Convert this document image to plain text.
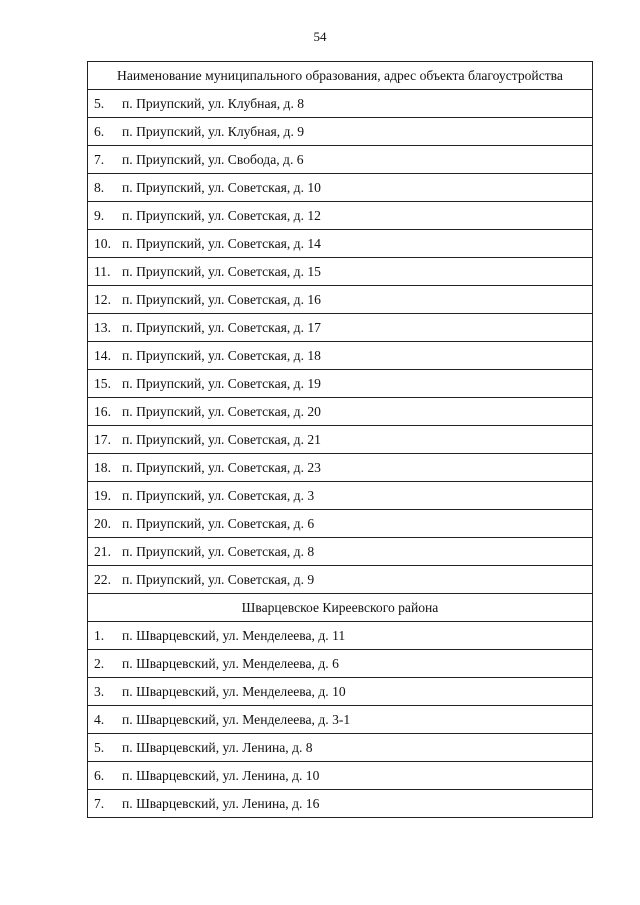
54
Наименование муниципального образования, адрес объекта благоустройства
5. п. Приупский, ул. Клубная, д. 8
6. п. Приупский, ул. Клубная, д. 9
7. п. Приупский, ул. Свобода, д. 6
8. п. Приупский, ул. Советская, д. 10
9. п. Приупский, ул. Советская, д. 12
10. п. Приупский, ул. Советская, д. 14
11. п. Приупский, ул. Советская, д. 15
12. п. Приупский, ул. Советская, д. 16
13. п. Приупский, ул. Советская, д. 17
14. п. Приупский, ул. Советская, д. 18
15. п. Приупский, ул. Советская, д. 19
16. п. Приупский, ул. Советская, д. 20
17. п. Приупский, ул. Советская, д. 21
18. п. Приупский, ул. Советская, д. 23
19. п. Приупский, ул. Советская, д. 3
20. п. Приупский, ул. Советская, д. 6
21. п. Приупский, ул. Советская, д. 8
22. п. Приупский, ул. Советская, д. 9
Шварцевское Киреевского района
1. п. Шварцевский, ул. Менделеева, д. 11
2. п. Шварцевский, ул. Менделеева, д. 6
3. п. Шварцевский, ул. Менделеева, д. 10
4. п. Шварцевский, ул. Менделеева, д. 3-1
5. п. Шварцевский, ул. Ленина, д. 8
6. п. Шварцевский, ул. Ленина, д. 10
7. п. Шварцевский, ул. Ленина, д. 16
